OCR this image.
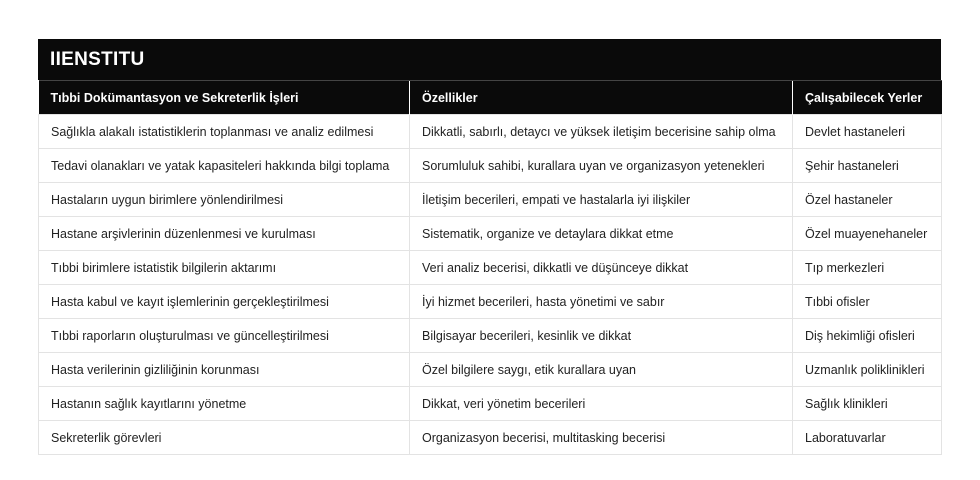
IIENSTITU
Tıbbi Dokümantasyon ve Sekreterlik İşleri	Özellikler	Çalışabilecek Yerler
Sağlıkla alakalı istatistiklerin toplanması ve analiz edilmesi	Dikkatli, sabırlı, detaycı ve yüksek iletişim becerisine sahip olma	Devlet hastaneleri
Tedavi olanakları ve yatak kapasiteleri hakkında bilgi toplama	Sorumluluk sahibi, kurallara uyan ve organizasyon yetenekleri	Şehir hastaneleri
Hastaların uygun birimlere yönlendirilmesi	İletişim becerileri, empati ve hastalarla iyi ilişkiler	Özel hastaneler
Hastane arşivlerinin düzenlenmesi ve kurulması	Sistematik, organize ve detaylara dikkat etme	Özel muayenehaneler
Tıbbi birimlere istatistik bilgilerin aktarımı	Veri analiz becerisi, dikkatli ve düşünceye dikkat	Tıp merkezleri
Hasta kabul ve kayıt işlemlerinin gerçekleştirilmesi	İyi hizmet becerileri, hasta yönetimi ve sabır	Tıbbi ofisler
Tıbbi raporların oluşturulması ve güncelleştirilmesi	Bilgisayar becerileri, kesinlik ve dikkat	Diş hekimliği ofisleri
Hasta verilerinin gizliliğinin korunması	Özel bilgilere saygı, etik kurallara uyan	Uzmanlık poliklinikleri
Hastanın sağlık kayıtlarını yönetme	Dikkat, veri yönetim becerileri	Sağlık klinikleri
Sekreterlik görevleri	Organizasyon becerisi, multitasking becerisi	Laboratuvarlar
